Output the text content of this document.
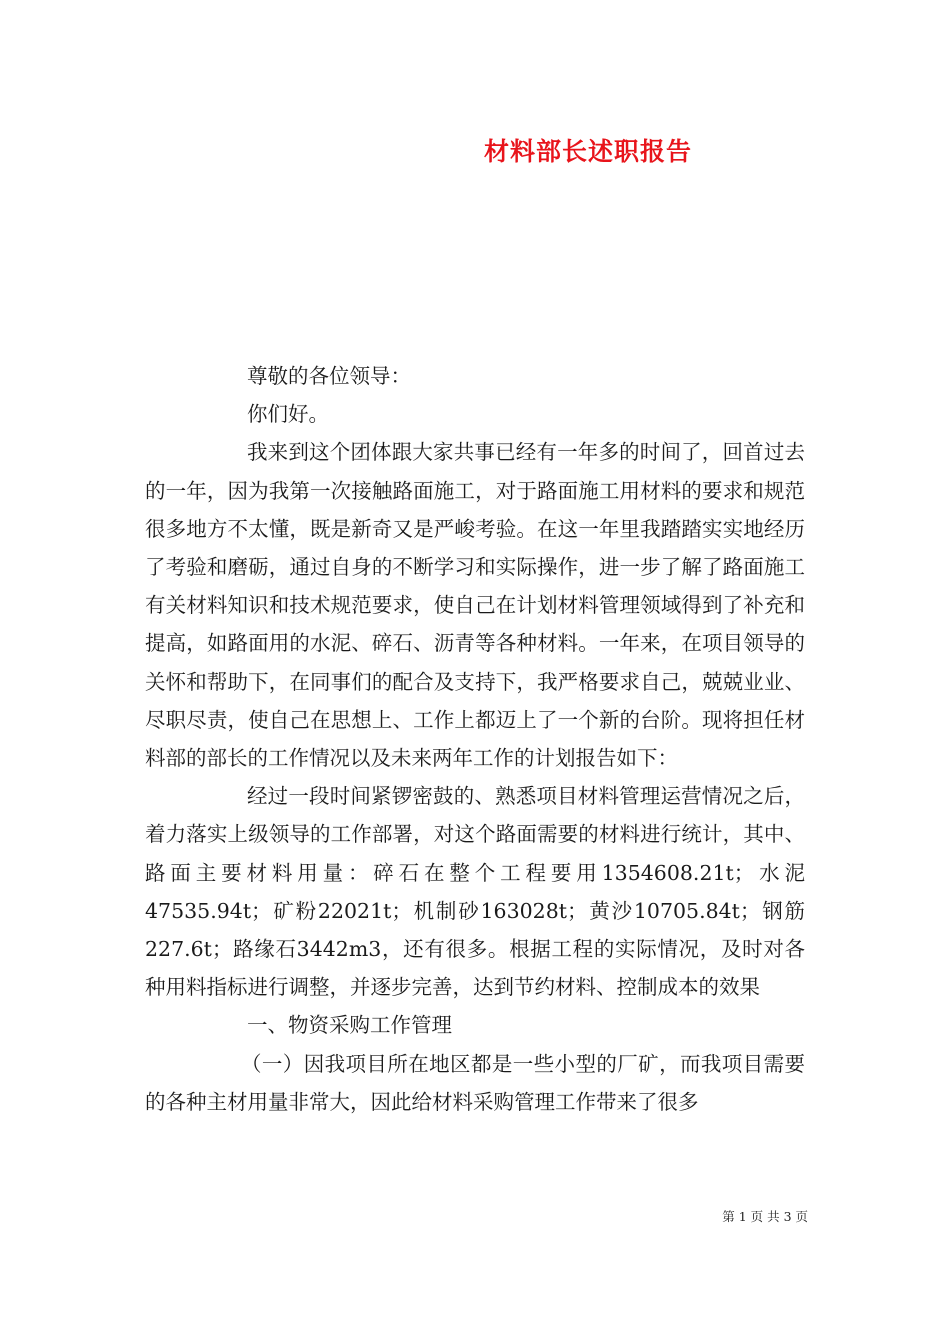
材料部长述职报告

尊敬的各位领导：

你们好。

我来到这个团体跟大家共事已经有一年多的时间了，回首过去的一年，因为我第一次接触路面施工，对于路面施工用材料的要求和规范很多地方不太懂，既是新奇又是严峻考验。在这一年里我踏踏实实地经历了考验和磨砺，通过自身的不断学习和实际操作，进一步了解了路面施工有关材料知识和技术规范要求，使自己在计划材料管理领域得到了补充和提高，如路面用的水泥、碎石、沥青等各种材料。一年来，在项目领导的关怀和帮助下，在同事们的配合及支持下，我严格要求自己，兢兢业业、尽职尽责，使自己在思想上、工作上都迈上了一个新的台阶。现将担任材料部的部长的工作情况以及未来两年工作的计划报告如下：

经过一段时间紧锣密鼓的、熟悉项目材料管理运营情况之后，着力落实上级领导的工作部署，对这个路面需要的材料进行统计，其中、路面主要材料用量：碎石在整个工程要用1354608.21t；水泥47535.94t；矿粉22021t；机制砂163028t；黄沙10705.84t；钢筋227.6t；路缘石3442m3，还有很多。根据工程的实际情况，及时对各种用料指标进行调整，并逐步完善，达到节约材料、控制成本的效果

一、物资采购工作管理

（一）因我项目所在地区都是一些小型的厂矿，而我项目需要的各种主材用量非常大，因此给材料采购管理工作带来了很多

第 1 页 共 3 页
